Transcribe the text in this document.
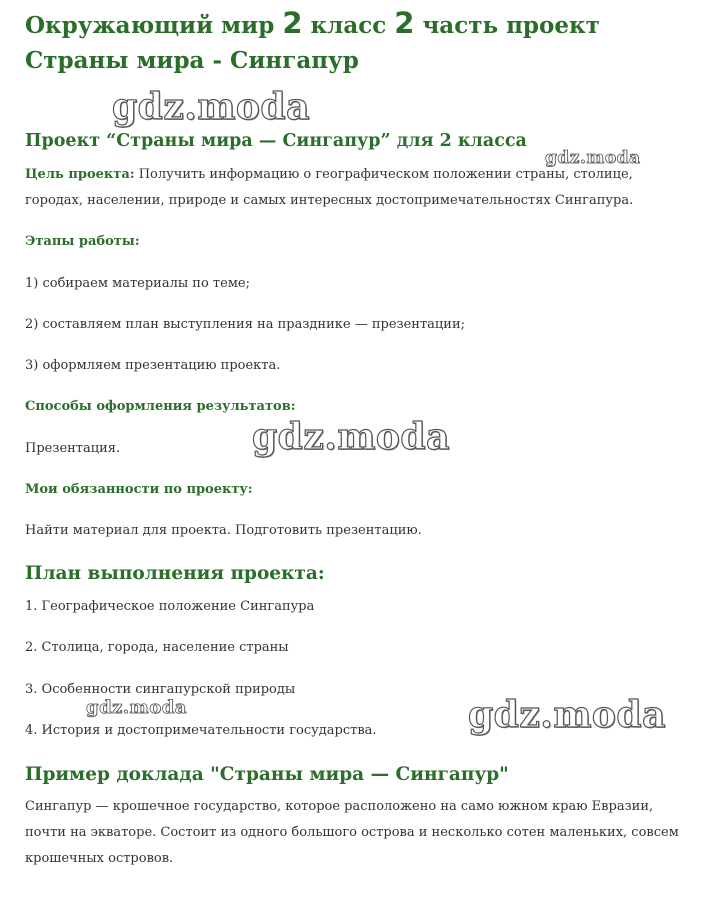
Окружающий мир 2 класс 2 часть проект Страны мира - Сингапур
gdz.moda
Проект “Страны мира — Сингапур” для 2 класса
gdz.moda

Цель проекта: Получить информацию о географическом положении страны, столице, городах, населении, природе и самых интересных достопримечательностях Сингапура.

Этапы работы:

1) собираем материалы по теме;

2) составляем план выступления на празднике — презентации;

3) оформляем презентацию проекта.

Способы оформления результатов:

gdz.moda

Презентация.

Мои обязанности по проекту:

Найти материал для проекта. Подготовить презентацию.

План выполнения проекта:

1. Географическое положение Сингапура

2. Столица, города, население страны

3. Особенности сингапурской природы

gdz.moda	gdz.moda

4. История и достопримечательности государства.

Пример доклада "Страны мира — Сингапур"

Сингапур — крошечное государство, которое расположено на само южном краю Евразии, почти на экваторе. Состоит из одного большого острова и несколько сотен маленьких, совсем крошечных островов.
